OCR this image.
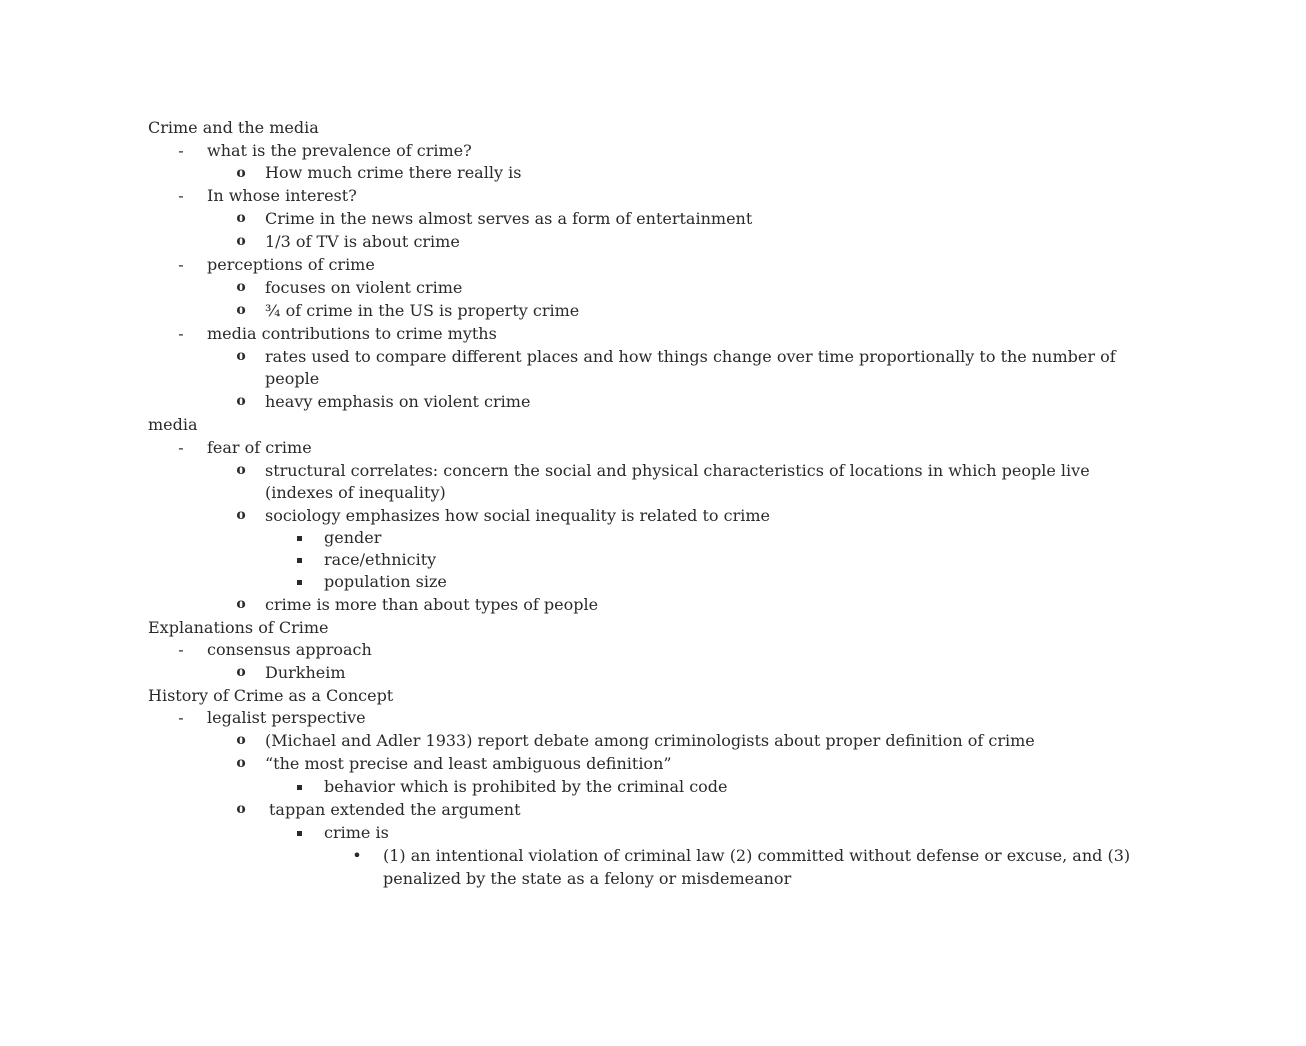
Crime and the media
-	what is the prevalence of crime?
o How much crime there really is
-	In whose interest?
o Crime in the news almost serves as a form of entertainment
o 1/3 of TV is about crime
-	perceptions of crime
o focuses on violent crime
o ¾ of crime in the US is property crime
-	media contributions to crime myths
o rates used to compare different places and how things change over time proportionally to the number of
people
o heavy emphasis on violent crime
media
-	fear of crime
o structural correlates: concern the social and physical characteristics of locations in which people live
(indexes of inequality)
o sociology emphasizes how social inequality is related to crime
gender
race/ethnicity
population size
o crime is more than about types of people
Explanations of Crime
-	consensus approach
o Durkheim
History of Crime as a Concept
-	legalist perspective
o (Michael and Adler 1933) report debate among criminologists about proper definition of crime
o “the most precise and least ambiguous definition”
behavior which is prohibited by the criminal code
o tappan extended the argument
crime is
• (1) an intentional violation of criminal law (2) committed without defense or excuse, and (3)
penalized by the state as a felony or misdemeanor
